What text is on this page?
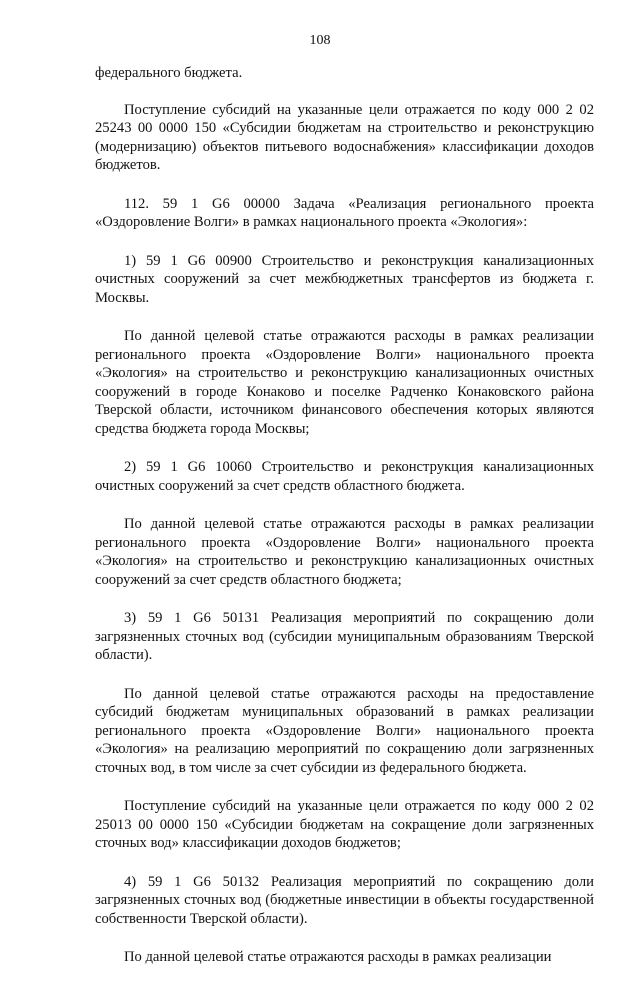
108

федерального бюджета.

Поступление субсидий на указанные цели отражается по коду 000 2 02 25243 00 0000 150 «Субсидии бюджетам на строительство и реконструкцию (модернизацию) объектов питьевого водоснабжения» классификации доходов бюджетов.

112. 59 1 G6 00000 Задача «Реализация регионального проекта «Оздоровление Волги» в рамках национального проекта «Экология»:

1) 59 1 G6 00900 Строительство и реконструкция канализационных очистных сооружений за счет межбюджетных трансфертов из бюджета г. Москвы.

По данной целевой статье отражаются расходы в рамках реализации регионального проекта «Оздоровление Волги» национального проекта «Экология» на строительство и реконструкцию канализационных очистных сооружений в городе Конаково и поселке Радченко Конаковского района Тверской области, источником финансового обеспечения которых являются средства бюджета города Москвы;

2) 59 1 G6 10060 Строительство и реконструкция канализационных очистных сооружений за счет средств областного бюджета.

По данной целевой статье отражаются расходы в рамках реализации регионального проекта «Оздоровление Волги» национального проекта «Экология» на строительство и реконструкцию канализационных очистных сооружений за счет средств областного бюджета;

3) 59 1 G6 50131 Реализация мероприятий по сокращению доли загрязненных сточных вод (субсидии муниципальным образованиям Тверской области).

По данной целевой статье отражаются расходы на предоставление субсидий бюджетам муниципальных образований в рамках реализации регионального проекта «Оздоровление Волги» национального проекта «Экология» на реализацию мероприятий по сокращению доли загрязненных сточных вод, в том числе за счет субсидии из федерального бюджета.

Поступление субсидий на указанные цели отражается по коду 000 2 02 25013 00 0000 150 «Субсидии бюджетам на сокращение доли загрязненных сточных вод» классификации доходов бюджетов;

4) 59 1 G6 50132 Реализация мероприятий по сокращению доли загрязненных сточных вод (бюджетные инвестиции в объекты государственной собственности Тверской области).

По данной целевой статье отражаются расходы в рамках реализации
